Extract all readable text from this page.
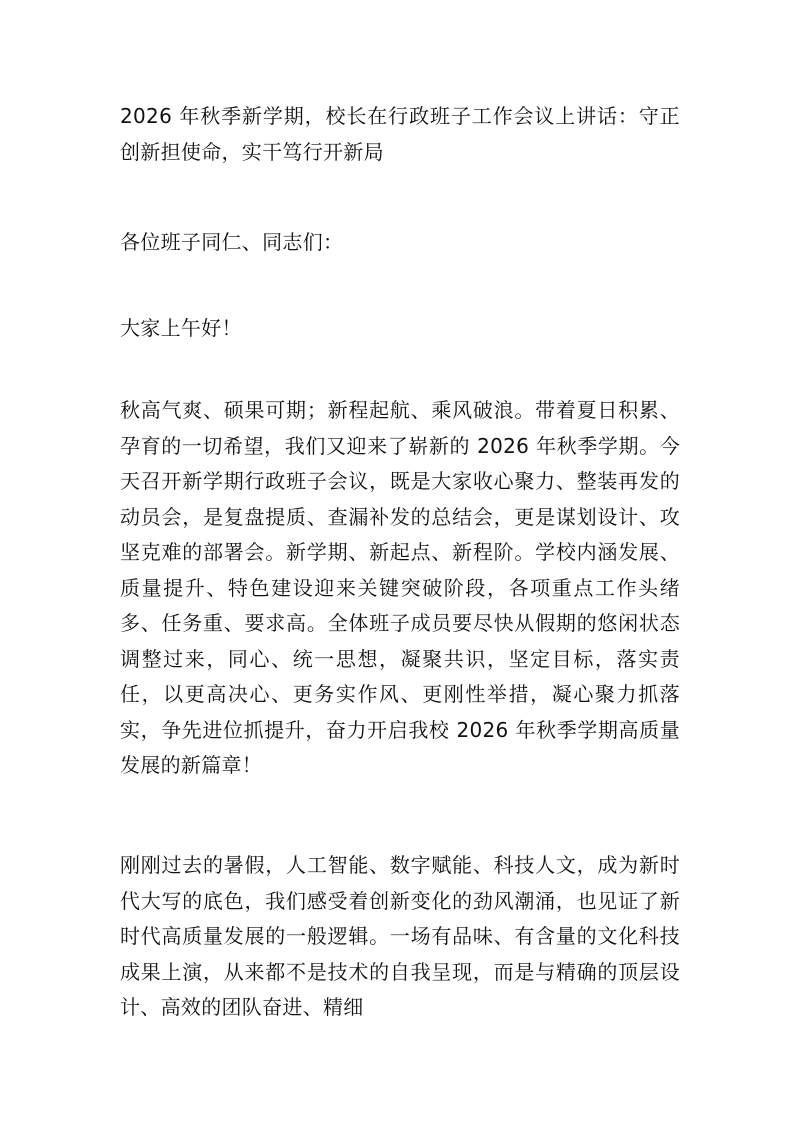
2026 年秋季新学期，校长在行政班子工作会议上讲话：守正创新担使命，实干笃行开新局

各位班子同仁、同志们：

大家上午好！

秋高气爽、硕果可期；新程起航、乘风破浪。带着夏日积累、孕育的一切希望，我们又迎来了崭新的 2026 年秋季学期。今天召开新学期行政班子会议，既是大家收心聚力、整装再发的动员会，是复盘提质、查漏补发的总结会，更是谋划设计、攻坚克难的部署会。新学期、新起点、新程阶。学校内涵发展、质量提升、特色建设迎来关键突破阶段，各项重点工作头绪多、任务重、要求高。全体班子成员要尽快从假期的悠闲状态调整过来，同心、统一思想，凝聚共识，坚定目标，落实责任，以更高决心、更务实作风、更刚性举措，凝心聚力抓落实，争先进位抓提升，奋力开启我校 2026 年秋季学期高质量发展的新篇章！

刚刚过去的暑假，人工智能、数字赋能、科技人文，成为新时代大写的底色，我们感受着创新变化的劲风潮涌，也见证了新时代高质量发展的一般逻辑。一场有品味、有含量的文化科技成果上演，从来都不是技术的自我呈现，而是与精确的顶层设计、高效的团队奋进、精细
